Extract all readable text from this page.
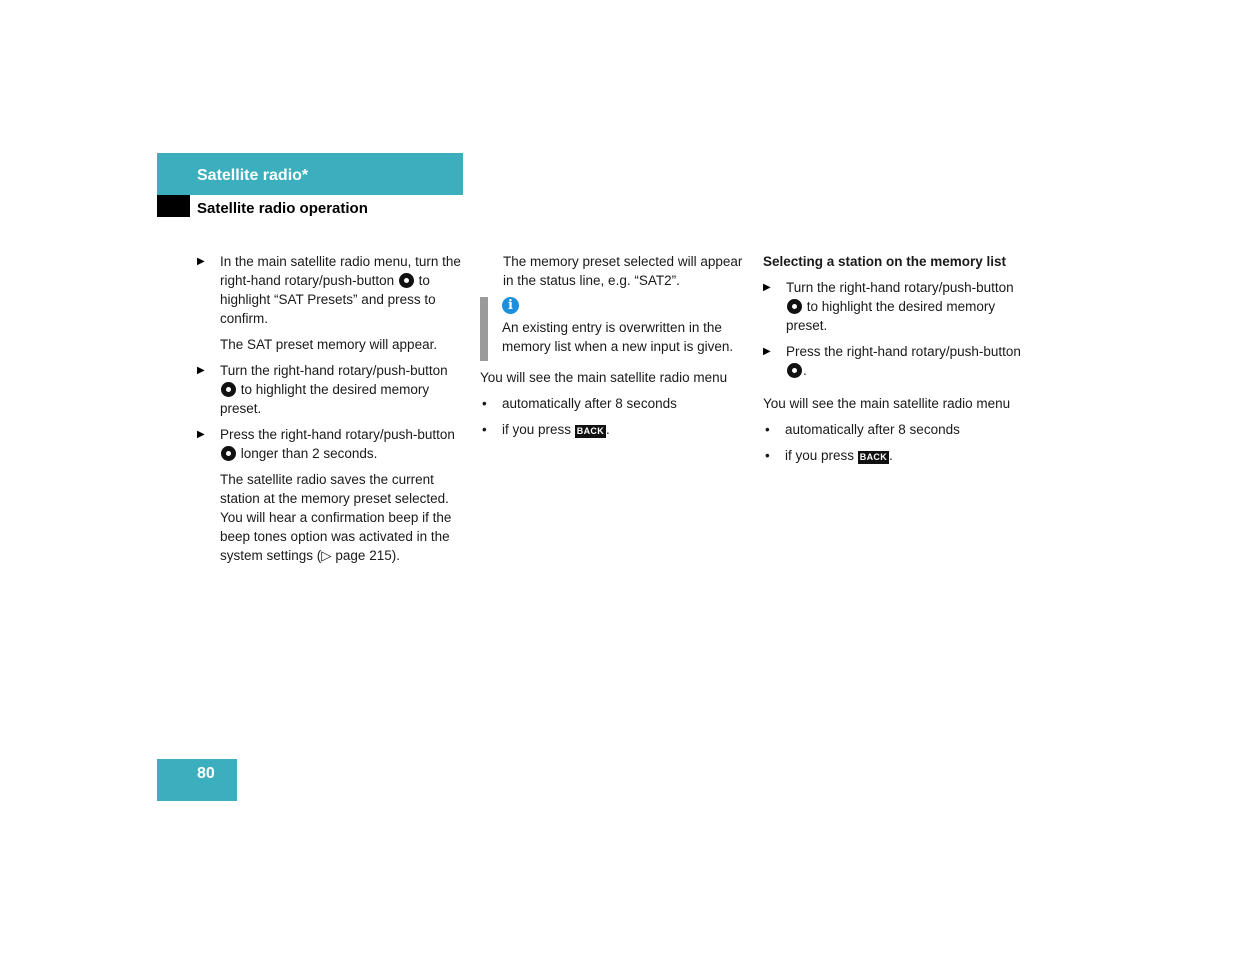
Satellite radio*
Satellite radio operation
▶ In the main satellite radio menu, turn the right-hand rotary/push-button to highlight “SAT Presets” and press to confirm.
The SAT preset memory will appear.
▶ Turn the right-hand rotary/push-button  to highlight the desired memory preset.
▶ Press the right-hand rotary/push-button  longer than 2 seconds.
The satellite radio saves the current station at the memory preset selected. You will hear a confirmation beep if the beep tones option was activated in the system settings (▷ page 215).
The memory preset selected will appear in the status line, e.g. “SAT2”.
i
An existing entry is overwritten in the memory list when a new input is given.
You will see the main satellite radio menu
• automatically after 8 seconds
• if you press BACK .
Selecting a station on the memory list
▶ Turn the right-hand rotary/push-button  to highlight the desired memory preset.
▶ Press the right-hand rotary/push-button .
You will see the main satellite radio menu
• automatically after 8 seconds
• if you press BACK .
80
